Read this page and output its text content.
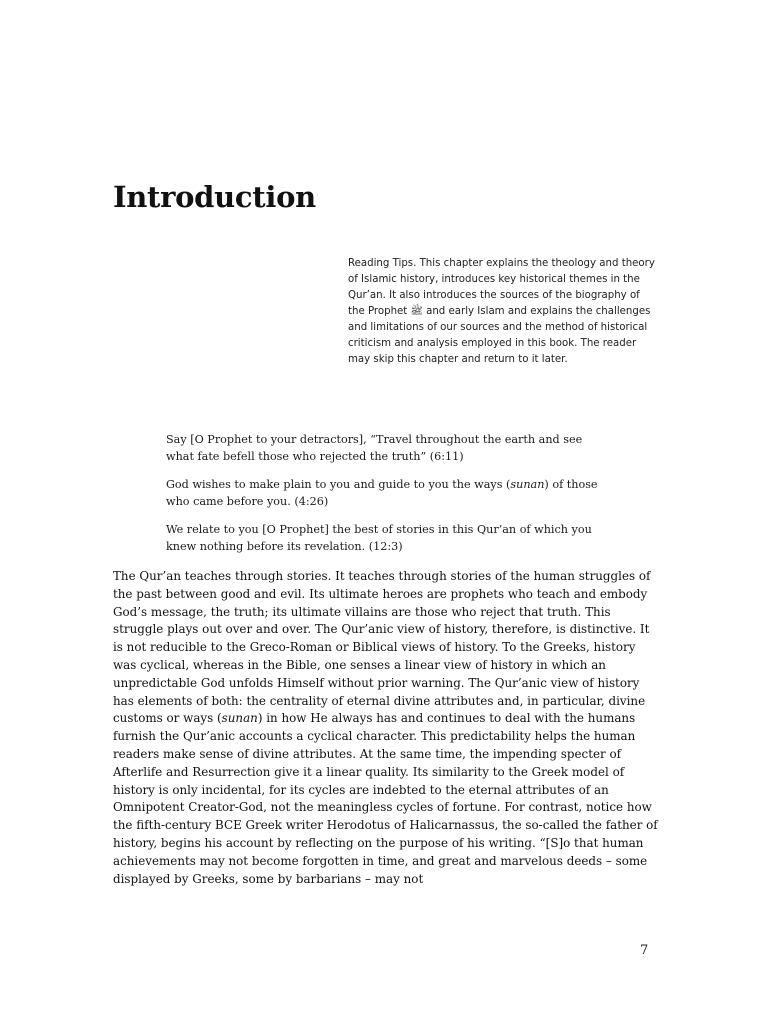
Introduction
Reading Tips. This chapter explains the theology and theory of Islamic history, introduces key historical themes in the Qur’an. It also introduces the sources of the biography of the Prophet ﷺ and early Islam and explains the challenges and limitations of our sources and the method of historical criticism and analysis employed in this book. The reader may skip this chapter and return to it later.

Say [O Prophet to your detractors], “Travel throughout the earth and see what fate befell those who rejected the truth” (6:11)

God wishes to make plain to you and guide to you the ways (sunan) of those who came before you. (4:26)

We relate to you [O Prophet] the best of stories in this Qur’an of which you knew nothing before its revelation. (12:3)

The Qur’an teaches through stories. It teaches through stories of the human struggles of the past between good and evil. Its ultimate heroes are prophets who teach and embody God’s message, the truth; its ultimate villains are those who reject that truth. This struggle plays out over and over. The Qur’anic view of history, therefore, is distinctive. It is not reducible to the Greco-Roman or Biblical views of history. To the Greeks, history was cyclical, whereas in the Bible, one senses a linear view of history in which an unpredictable God unfolds Himself without prior warning. The Qur’anic view of history has elements of both: the centrality of eternal divine attributes and, in particular, divine customs or ways (sunan) in how He always has and continues to deal with the humans furnish the Qur’anic accounts a cyclical character. This predictability helps the human readers make sense of divine attributes. At the same time, the impending specter of Afterlife and Resurrection give it a linear quality. Its similarity to the Greek model of history is only incidental, for its cycles are indebted to the eternal attributes of an Omnipotent Creator-God, not the meaningless cycles of fortune. For contrast, notice how the fifth-century BCE Greek writer Herodotus of Halicarnassus, the so-called the father of history, begins his account by reflecting on the purpose of his writing. “[S]o that human achievements may not become forgotten in time, and great and marvelous deeds – some displayed by Greeks, some by barbarians – may not

7
